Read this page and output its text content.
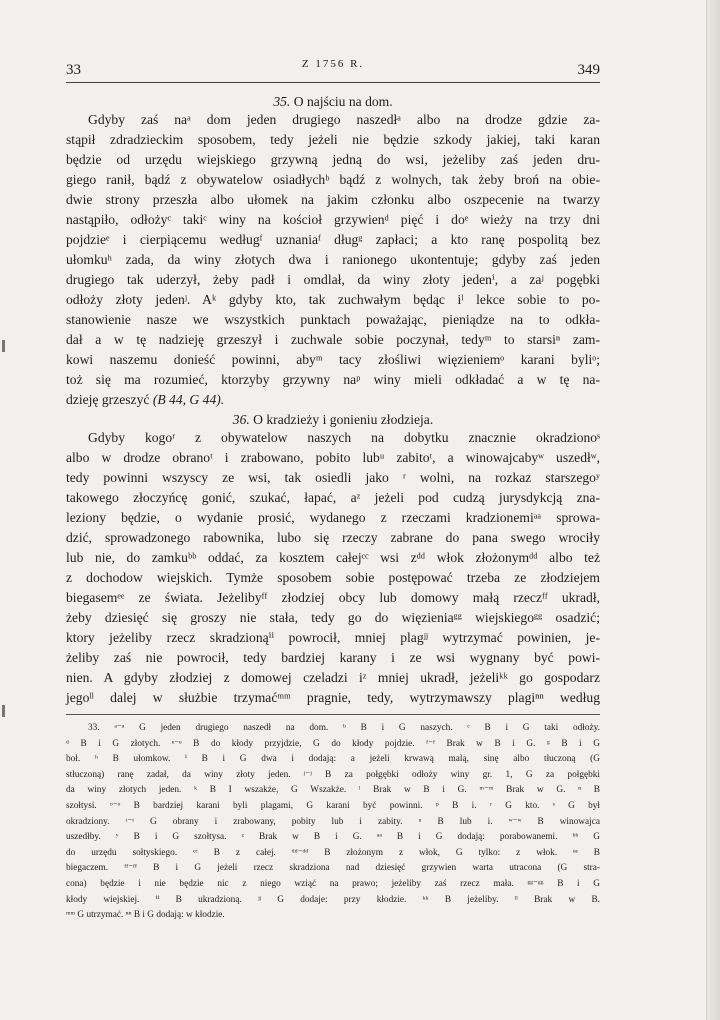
33	Z 1756 R.	349

35. O najściu na dom.

Gdyby zaś naᵃ dom jeden drugiego naszedłᵃ albo na drodze gdzie za-
stąpił zdradzieckim sposobem, tedy jeżeli nie będzie szkody jakiej, taki karan
będzie od urzędu wiejskiego grzywną jedną do wsi, jeżeliby zaś jeden dru-
giego ranił, bądź z obywatelow osiadłychᵇ bądź z wolnych, tak żeby broń na obie-
dwie strony przeszła albo ułomek na jakim członku albo oszpecenie na twarzy
nastąpiło, odłożyᶜ takiᶜ winy na kościoł grzywienᵈ pięć i doᵉ wieży na trzy dni
pojdzieᵉ i cierpiącemu wedługᶠ uznaniaᶠ długᵍ zapłaci; a kto ranę pospolitą bez
ułomkuʰ zada, da winy złotych dwa i ranionego ukontentuje; gdyby zaś jeden
drugiego tak uderzył, żeby padł i omdlał, da winy złoty jedenⁱ, a zaʲ pogębki
odłoży złoty jedenʲ. Aᵏ gdyby kto, tak zuchwałym będąc iˡ lekce sobie to po-
stanowienie nasze we wszystkich punktach poważając, pieniądze na to odkła-
dał a w tę nadzieję grzeszył i zuchwale sobie poczynał, tedyᵐ to starsiⁿ zam-
kowi naszemu donieść powinni, abyᵐ tacy złośliwi więzieniemᵒ karani byliᵒ;
toż się ma rozumieć, ktorzyby grzywny naᵖ winy mieli odkładać a w tę na-
dzieję grzeszyć (B 44, G 44).

36. O kradzieży i gonieniu złodzieja.

Gdyby kogoʳ z obywatelow naszych na dobytku znacznie okradzionoˢ
albo w drodze obranoᵗ i zrabowano, pobito lubᵘ zabitoᵗ, a winowajcabyʷ uszedłʷ,
tedy powinni wszyscy ze wsi, tak osiedli jako ʳ wolni, na rozkaz starszegoʸ
takowego złoczyńcę gonić, szukać, łapać, aᶻ jeżeli pod cudzą jurysdykcją zna-
leziony będzie, o wydanie prosić, wydanego z rzeczami kradzionemiᵃᵃ sprowa-
dzić, sprowadzonego rabownika, lubo się rzeczy zabrane do pana swego wrociły
lub nie, do zamkuᵇᵇ oddać, za kosztem całejᶜᶜ wsi zᵈᵈ włok złożonymᵈᵈ albo też
z dochodow wiejskich. Tymże sposobem sobie postępować trzeba ze złodziejem
biegasemᵉᵉ ze świata. Jeżelibyᶠᶠ złodziej obcy lub domowy małą rzeczᶠᶠ ukradł,
żeby dziesięć się groszy nie stała, tedy go do więzieniaᵍᵍ wiejskiegoᵍᵍ osadzić;
ktory jeżeliby rzecz skradzionąⁱⁱ powrocił, mniej plagʲʲ wytrzymać powinien, je-
żeliby zaś nie powrocił, tedy bardziej karany i ze wsi wygnany być powi-
nien. A gdyby złodziej z domowej czeladzi iᶻ mniej ukradł, jeżeliᵏᵏ go gospodarz
jegoˡˡ dalej w służbie trzymaćᵐᵐ pragnie, tedy, wytrzymawszy plagiⁿⁿ według
33. ᵃ⁻ᵃ G jeden drugiego naszedł na dom. ᵇ B i G naszych. ᶜ B i G taki odłoży.
ᵈ B i G złotych. ᵉ⁻ᵉ B do kłody przyjdzie, G do kłody pojdzie. ᶠ⁻ᶠ Brak w B i G. ᵍ B i G
boł. ʰ B ułomkow. ⁱ B i G dwa i dodają: a jeżeli krwawą malą, sinę albo tłuczoną (G
stłuczoną) ranę zadał, da winy złoty jeden. ʲ⁻ʲ B za połgębki odłoży winy gr. 1, G za połgębki
da winy złotych jeden. ᵏ B I wszakże, G Wszakże. ˡ Brak w B i G. ᵐ⁻ᵐ Brak w G. ⁿ B
szołtysi. ᵒ⁻ᵒ B bardziej karani byli plagami, G karani być powinni. ᵖ B i. ʳ G kto. ˢ G był
okradziony. ᵗ⁻ᵗ G obrany i zrabowany, pobity lub i zabity. ᵘ B lub i. ʷ⁻ʷ B winowajca
uszedłby. ʸ B i G szołtysa. ᶻ Brak w B i G. ᵃᵃ B i G dodają: porabowanemi. ᵇᵇ G
do urzędu sołtyskiego. ᶜᶜ B z całej. ᵈᵈ⁻ᵈᵈ B złożonym z włok, G tylko: z włok. ᵉᵉ B
biegaczem. ᶠᶠ⁻ᶠᶠ B i G jeżeli rzecz skradziona nad dziesięć grzywien warta utracona (G stra-
cona) będzie i nie będzie nic z niego wziąć na prawo; jeżeliby zaś rzecz mała. ᵍᵍ⁻ᵍᵍ B i G
kłody wiejskiej. ⁱⁱ B ukradzioną. ʲʲ G dodaje: przy kłodzie. ᵏᵏ B jeżeliby. ˡˡ Brak w B.
ᵐᵐ G utrzymać. ⁿⁿ B i G dodają: w kłodzie.
